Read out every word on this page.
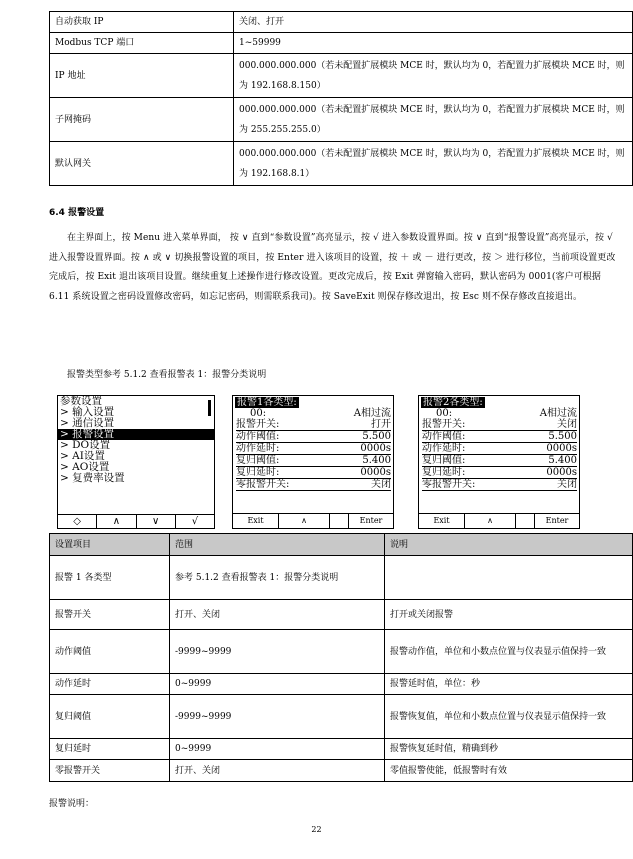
自动获取 IP	关闭、打开
Modbus TCP 端口	1~59999
IP 地址	000.000.000.000（若未配置扩展模块 MCE 时，默认均为 0，若配置力扩展模块 MCE 时，则为 192.168.8.150）
子网掩码	000.000.000.000（若未配置扩展模块 MCE 时，默认均为 0，若配置力扩展模块 MCE 时，则为 255.255.255.0）
默认网关	000.000.000.000（若未配置扩展模块 MCE 时，默认均为 0，若配置力扩展模块 MCE 时，则为 192.168.8.1）
6.4 报警设置

在主界面上，按 Menu 进入菜单界面， 按 ∨ 直到“参数设置”高亮显示，按 √ 进入参数设置界面。按 ∨ 直到“报警设置”高亮显示，按 √ 进入报警设置界面。按 ∧ 或 ∨ 切换报警设置的项目，按 Enter 进入该项目的设置，按 ＋ 或 － 进行更改，按 ＞ 进行移位，当前项设置更改完成后，按 Exit 退出该项目设置。继续重复上述操作进行修改设置。更改完成后，按 Exit 弹窗输入密码，默认密码为 0001(客户可根据 6.11 系统设置之密码设置修改密码，如忘记密码，则需联系我司)。按 SaveExit 则保存修改退出，按 Esc 则不保存修改直接退出。

报警类型参考 5.1.2 查看报警表 1：报警分类说明

参数设置
> 输入设置
> 通信设置
> 报警设置
> DO设置
> AI设置
> AO设置
> 复费率设置
◇	∧	∨	√
报警1各类型:
00:	A相过流
报警开关:	打开
动作阈值:	5.500
动作延时:	0000s
复归阈值:	5.400
复归延时:	0000s
零报警开关:	关闭
Exit	∧	Enter
报警2各类型:
00:	A相过流
报警开关:	关闭
动作阈值:	5.500
动作延时:	0000s
复归阈值:	5.400
复归延时:	0000s
零报警开关:	关闭
Exit	∧	Enter
设置项目	范围	说明
报警 1 各类型	参考 5.1.2 查看报警表 1：报警分类说明	
报警开关	打开、关闭	打开或关闭报警
动作阈值	-9999~9999	报警动作值，单位和小数点位置与仪表显示值保持一致
动作延时	0~9999	报警延时值，单位：秒
复归阈值	-9999~9999	报警恢复值，单位和小数点位置与仪表显示值保持一致
复归延时	0~9999	报警恢复延时值，精确到秒
零报警开关	打开、关闭	零值报警使能，低报警时有效

报警说明：

22
